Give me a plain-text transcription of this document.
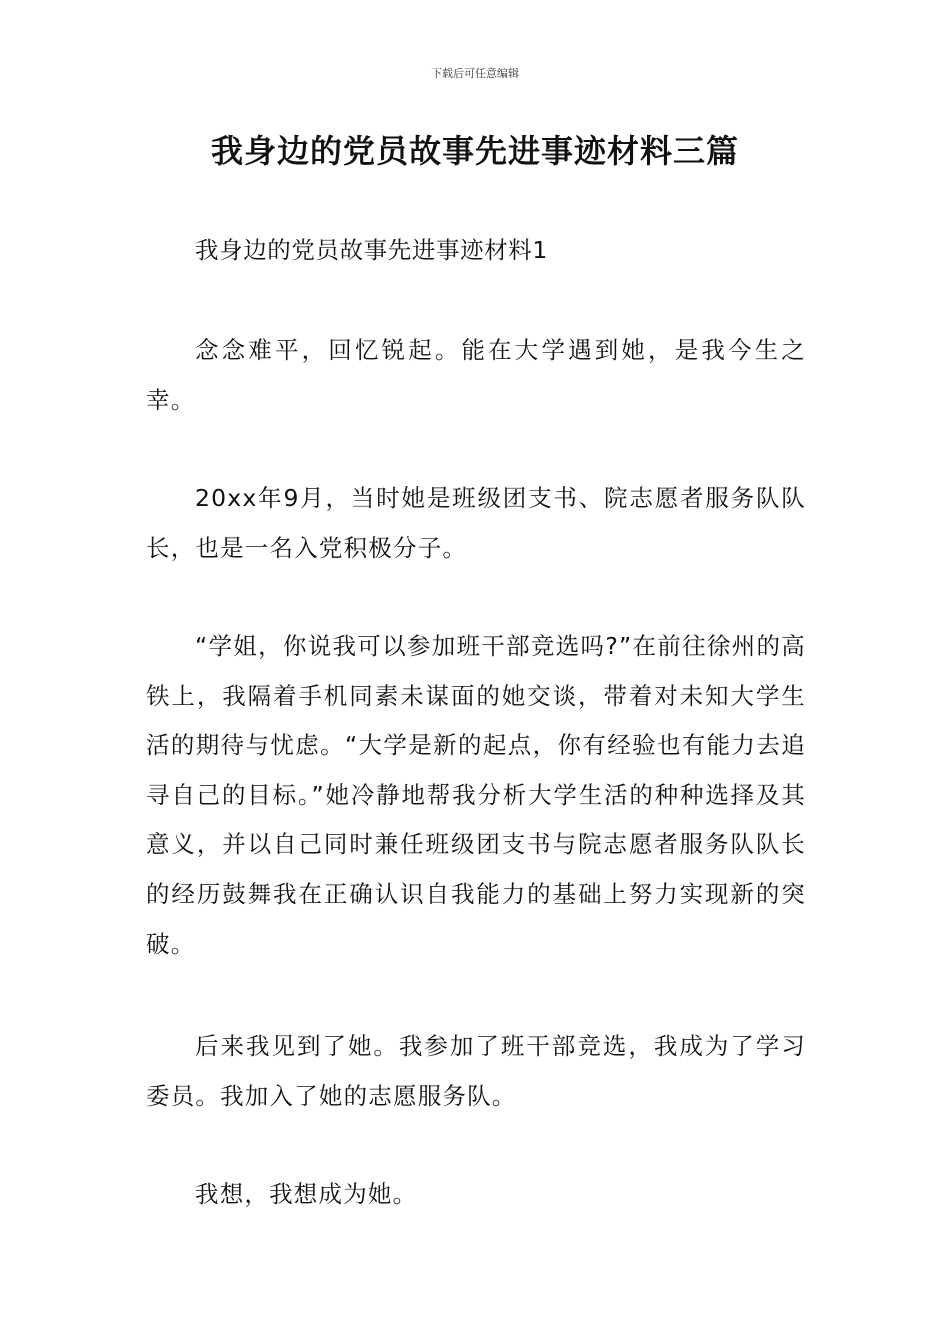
下载后可任意编辑
我身边的党员故事先进事迹材料三篇

我身边的党员故事先进事迹材料1

念念难平，回忆锐起。能在大学遇到她，是我今生之幸。

20xx年9月，当时她是班级团支书、院志愿者服务队队长，也是一名入党积极分子。

“学姐，你说我可以参加班干部竞选吗?”在前往徐州的高铁上，我隔着手机同素未谋面的她交谈，带着对未知大学生活的期待与忧虑。“大学是新的起点，你有经验也有能力去追寻自己的目标。”她冷静地帮我分析大学生活的种种选择及其意义，并以自己同时兼任班级团支书与院志愿者服务队队长的经历鼓舞我在正确认识自我能力的基础上努力实现新的突破。

后来我见到了她。我参加了班干部竞选，我成为了学习委员。我加入了她的志愿服务队。

我想，我想成为她。
